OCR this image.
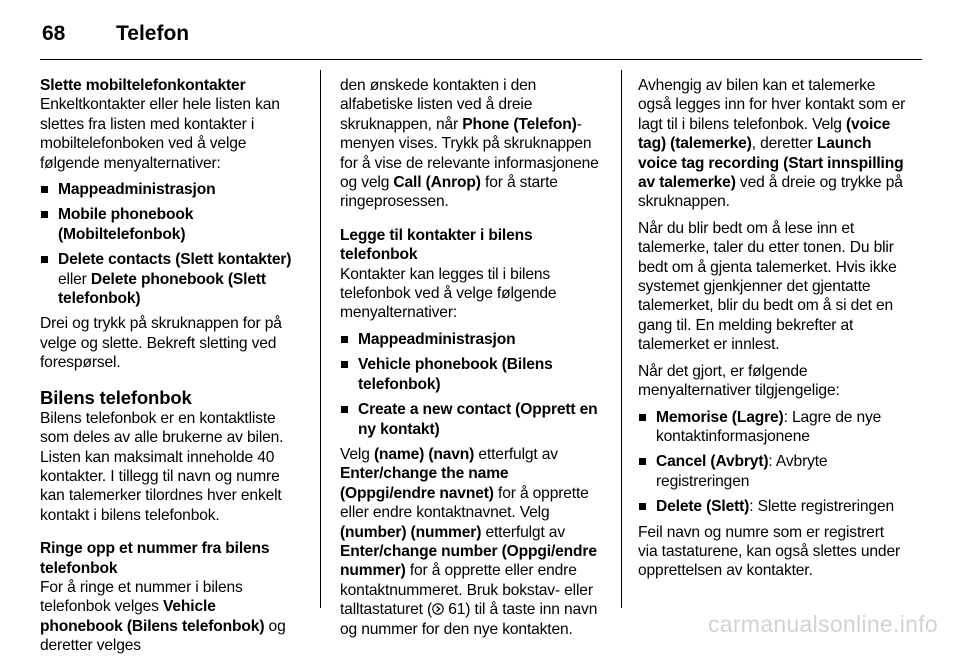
68	Telefon
Slette mobiltelefonkontakter

Enkeltkontakter eller hele listen kan slettes fra listen med kontakter i mobiltelefonboken ved å velge følgende menyalternativer:

Mappeadministrasjon
Mobile phonebook (Mobiltelefonbok)
Delete contacts (Slett kontakter) eller Delete phonebook (Slett telefonbok)

Drei og trykk på skruknappen for på velge og slette. Bekreft sletting ved forespørsel.

Bilens telefonbok

Bilens telefonbok er en kontaktliste som deles av alle brukerne av bilen. Listen kan maksimalt inneholde 40 kontakter. I tillegg til navn og numre kan talemerker tilordnes hver enkelt kontakt i bilens telefonbok.

Ringe opp et nummer fra bilens telefonbok

For å ringe et nummer i bilens telefonbok velges Vehicle phonebook (Bilens telefonbok) og deretter velges

den ønskede kontakten i den alfabetiske listen ved å dreie skruknappen, når Phone (Telefon)-menyen vises. Trykk på skruknappen for å vise de relevante informasjonene og velg Call (Anrop) for å starte ringeprosessen.

Legge til kontakter i bilens telefonbok

Kontakter kan legges til i bilens telefonbok ved å velge følgende menyalternativer:

Mappeadministrasjon
Vehicle phonebook (Bilens telefonbok)
Create a new contact (Opprett en ny kontakt)

Velg (name) (navn) etterfulgt av Enter/change the name (Oppgi/endre navnet) for å opprette eller endre kontaktnavnet. Velg (number) (nummer) etterfulgt av Enter/change number (Oppgi/endre nummer) for å opprette eller endre kontaktnummeret. Bruk bokstav- eller talltastaturet ( 61) til å taste inn navn og nummer for den nye kontakten.

Avhengig av bilen kan et talemerke også legges inn for hver kontakt som er lagt til i bilens telefonbok. Velg (voice tag) (talemerke), deretter Launch voice tag recording (Start innspilling av talemerke) ved å dreie og trykke på skruknappen.

Når du blir bedt om å lese inn et talemerke, taler du etter tonen. Du blir bedt om å gjenta talemerket. Hvis ikke systemet gjenkjenner det gjentatte talemerket, blir du bedt om å si det en gang til. En melding bekrefter at talemerket er innlest.

Når det gjort, er følgende menyalternativer tilgjengelige:

Memorise (Lagre): Lagre de nye kontaktinformasjonene
Cancel (Avbryt): Avbryte registreringen
Delete (Slett): Slette registreringen

Feil navn og numre som er registrert via tastaturene, kan også slettes under opprettelsen av kontakter.

carmanualsonline.info
